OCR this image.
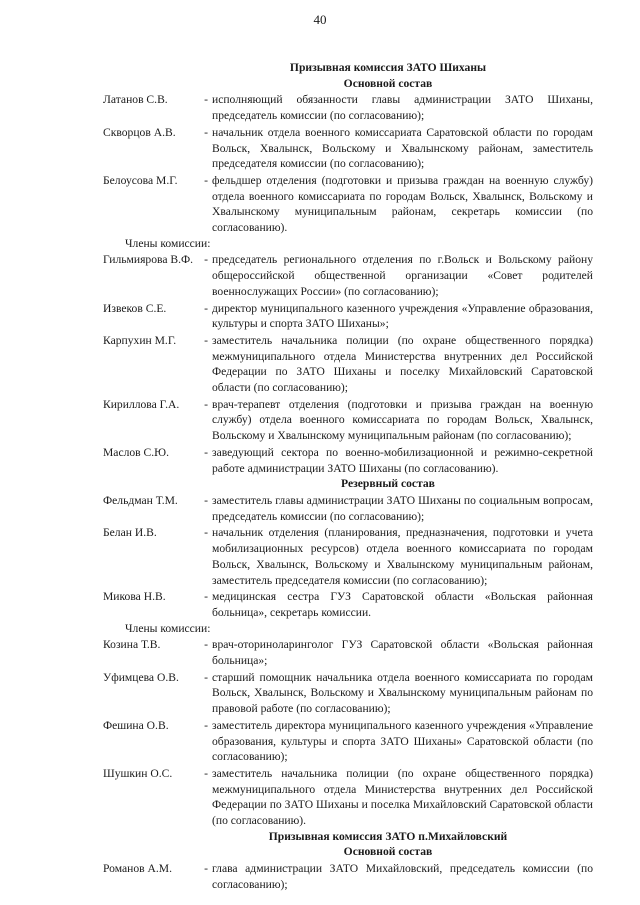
40
Призывная комиссия ЗАТО Шиханы
Основной состав
Латанов С.В.	- исполняющий обязанности главы администрации ЗАТО Шиханы, председатель комиссии (по согласованию);
Скворцов А.В.	- начальник отдела военного комиссариата Саратовской области по городам Вольск, Хвалынск, Вольскому и Хвалынскому районам, заместитель председателя комиссии (по согласованию);
Белоусова М.Г.	- фельдшер отделения (подготовки и призыва граждан на военную службу) отдела военного комиссариата по городам Вольск, Хвалынск, Вольскому и Хвалынскому муниципальным районам, секретарь комиссии (по согласованию).
Члены комиссии:
Гильмиярова В.Ф. - председатель регионального отделения по г.Вольск и Вольскому району общероссийской общественной организации «Совет родителей военнослужащих России» (по согласованию);
Извеков С.Е.	- директор муниципального казенного учреждения «Управление образования, культуры и спорта ЗАТО Шиханы»;
Карпухин М.Г.	- заместитель начальника полиции (по охране общественного порядка) межмуниципального отдела Министерства внутренних дел Российской Федерации по ЗАТО Шиханы и поселку Михайловский Саратовской области (по согласованию);
Кириллова Г.А.	- врач-терапевт отделения (подготовки и призыва граждан на военную службу) отдела военного комиссариата по городам Вольск, Хвалынск, Вольскому и Хвалынскому муниципальным районам (по согласованию);
Маслов С.Ю.	- заведующий сектора по военно-мобилизационной и режимно-секретной работе администрации ЗАТО Шиханы (по согласованию).
Резервный состав
Фельдман Т.М.	- заместитель главы администрации ЗАТО Шиханы по социальным вопросам, председатель комиссии (по согласованию);
Белан И.В.	- начальник отделения (планирования, предназначения, подготовки и учета мобилизационных ресурсов) отдела военного комиссариата по городам Вольск, Хвалынск, Вольскому и Хвалынскому муниципальным районам, заместитель председателя комиссии (по согласованию);
Микова Н.В.	- медицинская сестра ГУЗ Саратовской области «Вольская районная больница», секретарь комиссии.
Члены комиссии:
Козина Т.В.	- врач-оториноларинголог ГУЗ Саратовской области «Вольская районная больница»;
Уфимцева О.В.	- старший помощник начальника отдела военного комиссариата по городам Вольск, Хвалынск, Вольскому и Хвалынскому муниципальным районам по правовой работе (по согласованию);
Фешина О.В.	- заместитель директора муниципального казенного учреждения «Управление образования, культуры и спорта ЗАТО Шиханы» Саратовской области (по согласованию);
Шушкин О.С.	- заместитель начальника полиции (по охране общественного порядка) межмуниципального отдела Министерства внутренних дел Российской Федерации по ЗАТО Шиханы и поселка Михайловский Саратовской области (по согласованию).
Призывная комиссия ЗАТО п.Михайловский
Основной состав
Романов А.М.	- глава администрации ЗАТО Михайловский, председатель комиссии (по согласованию);
